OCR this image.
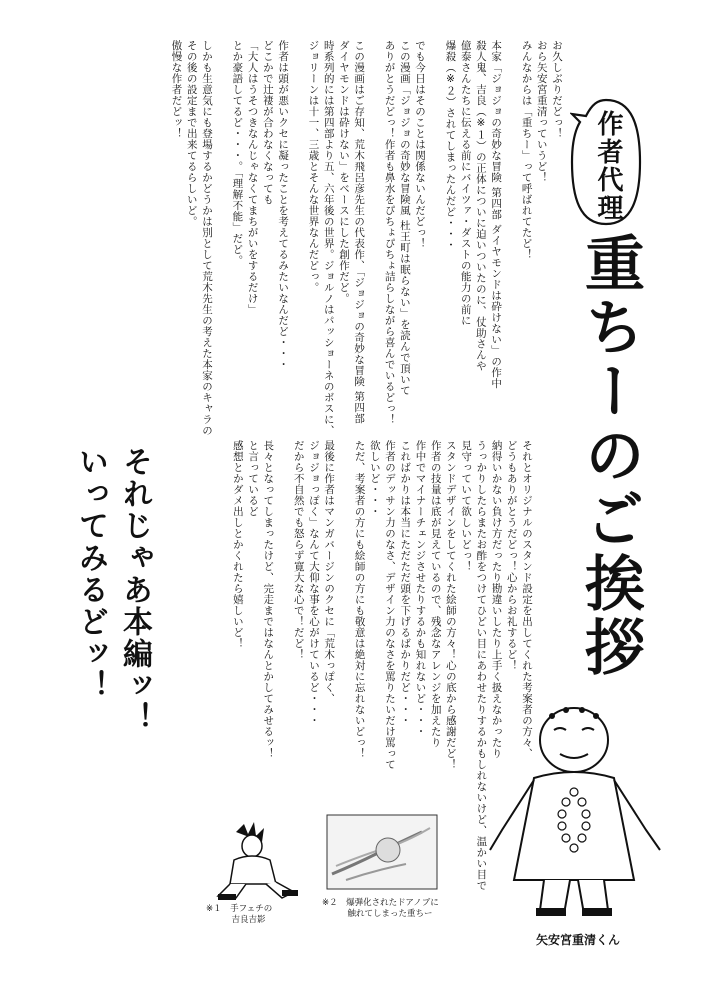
作者代理
重ちーのご挨拶
お久しぶりだどっ！
おら矢安宮重清っていうど！
みんなからは「重ちー」って呼ばれてたど！

本家「ジョジョの奇妙な冒険 第四部 ダイヤモンドは砕けない」の作中
殺人鬼、吉良（※１）の正体についに迫いついたのに、仗助さんや
億泰さんたちに伝える前にバイツァ・ダストの能力の前に
爆殺（※２）されてしまったんだど・・・

でも今日はそのことは関係ないんだどっ！
この漫画「ジョジョの奇妙な冒険風 杜王町は眠らない」を読んで頂いて
ありがとうだどっ！作者も鼻水をぴちょぴちょ詰らしながら喜んでいるどっ！

この漫画はご存知、荒木飛呂彦先生の代表作、「ジョジョの奇妙な冒険 第四部
ダイヤモンドは砕けない」をベースにした創作だど。
時系列的には第四部より五、六年後の世界。ジョルノはパッショーネのボスに、
ジョリーンは十一、三歳とそんな世界なんだどっ。

作者は頭が悪いクセに凝ったことを考えてるみたいなんだど・・・
どこかで辻褄が合わなくなっても
「大人はうそつきなんじゃなくてまちがいをするだけ」
とか豪語してるど・・・。「理解不能」だど。

しかも生意気にも登場するかどうかは別として荒木先生の考えた本家のキャラの
その後の設定まで出来てるらしいど。
傲慢な作者だどッ！
それとオリジナルのスタンド設定を出してくれた考案者の方々、
どうもありがとうだどっ！心からお礼するど！
納得いかない負け方だったり勘違いしたり上手く扱えなかったり
うっかりしたらまたお酢をつけてひどい目にあわせたりするかもしれないけど、温かい目で
見守っていて欲しいどっ！
スタンドデザインをしてくれた絵師の方々！心の底から感謝だど！
作者の技量は底が見えているので、残念なアレンジを加えたり
作中でマイナーチェンジさせたりするかも知れないど・・・
こればかりは本当にただただ頭を下げるばかりだど・・・
作者のデッサン力のなさ、デザイン力のなさを罵りたいだけ罵って
欲しいど・・・
ただ、考案者の方にも絵師の方にも敬意は絶対に忘れないどっ！

最後に作者はマンガバージンのクセに「荒木っぽく、
ジョジョっぽく」なんて大仰な事を心がけているど・・・
だから不自然でも怒らず寛大な心で！だど！

長々となってしまったけど、完走まではなんとかしてみせるッ！
と言っているど
感想とかダメ出しとかくれたら嬉しいど！
それじゃあ本編ッ！
いってみるどッ！
※１　手フェチの
　　　吉良吉影
※２　爆弾化されたドアノブに
　　　触れてしまった重ちー
矢安宮重清くん
